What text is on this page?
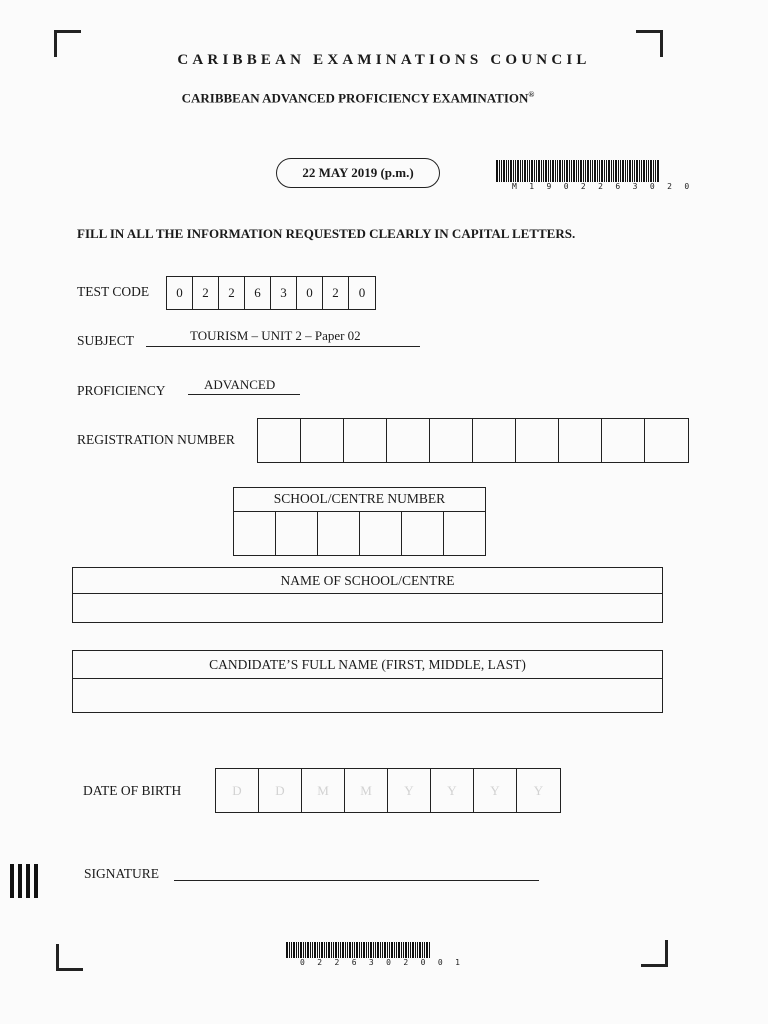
CARIBBEAN EXAMINATIONS COUNCIL
CARIBBEAN ADVANCED PROFICIENCY EXAMINATION®
22 MAY 2019 (p.m.)
M 1 9 0 2 2 6 3 0 2 0
FILL IN ALL THE INFORMATION REQUESTED CLEARLY IN CAPITAL LETTERS.
TEST CODE	0	2	2	6	3	0	2	0
SUBJECT	TOURISM – UNIT 2 – Paper 02
PROFICIENCY	ADVANCED
REGISTRATION NUMBER
SCHOOL/CENTRE NUMBER
NAME OF SCHOOL/CENTRE
CANDIDATE’S FULL NAME (FIRST, MIDDLE, LAST)
DATE OF BIRTH	D	D	M	M	Y	Y	Y	Y
SIGNATURE
0 2 2 6 3 0 2 0 0 1
